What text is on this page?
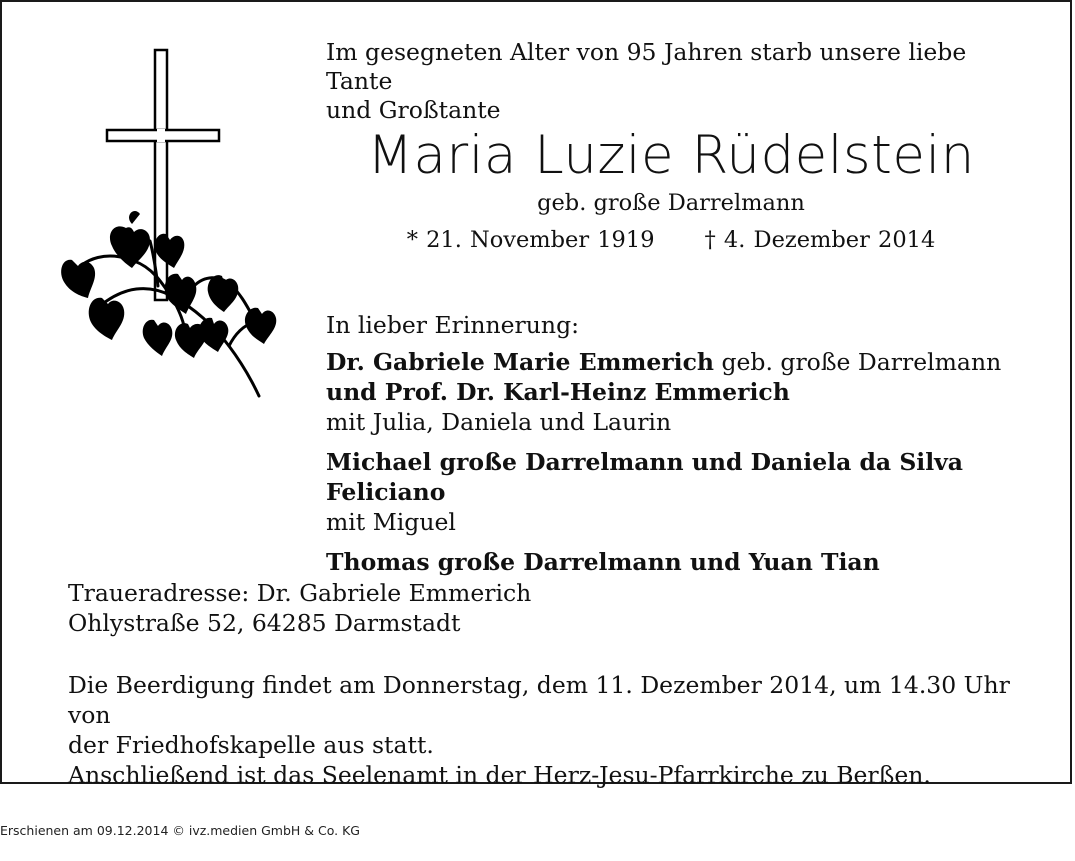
Im gesegneten Alter von 95 Jahren starb unsere liebe Tante
und Großtante
Maria Luzie Rüdelstein
geb. große Darrelmann
* 21. November 1919 † 4. Dezember 2014
In lieber Erinnerung:
Dr. Gabriele Marie Emmerich geb. große Darrelmann
und Prof. Dr. Karl-Heinz Emmerich
mit Julia, Daniela und Laurin
Michael große Darrelmann und Daniela da Silva Feliciano
mit Miguel
Thomas große Darrelmann und Yuan Tian
Traueradresse: Dr. Gabriele Emmerich
Ohlystraße 52, 64285 Darmstadt
Die Beerdigung findet am Donnerstag, dem 11. Dezember 2014, um 14.30 Uhr von
der Friedhofskapelle aus statt.
Anschließend ist das Seelenamt in der Herz-Jesu-Pfarrkirche zu Berßen.
Erschienen am 09.12.2014 © ivz.medien GmbH & Co. KG
